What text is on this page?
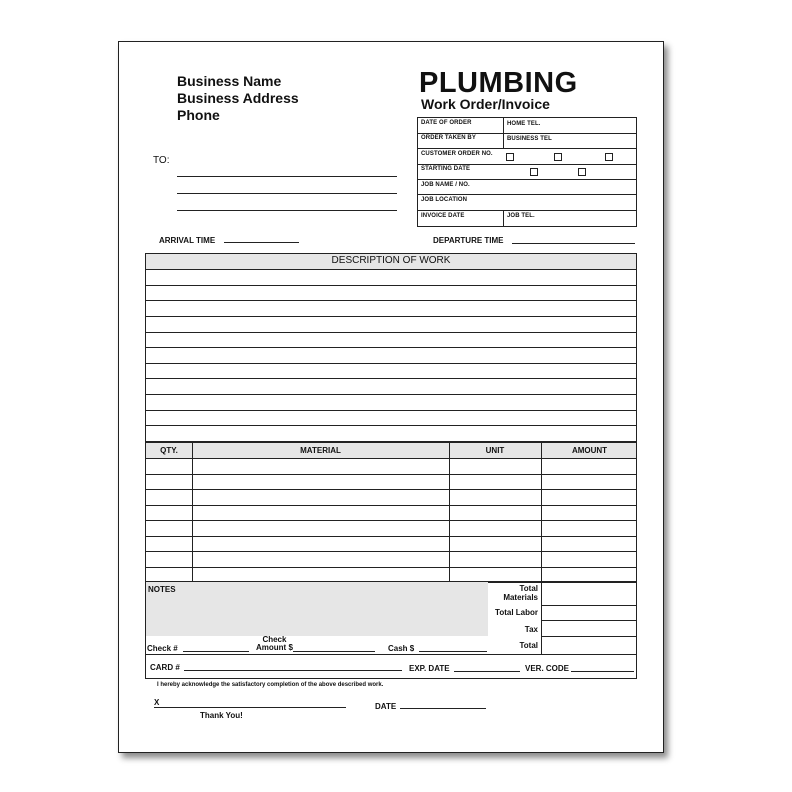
Business Name
Business Address
Phone
TO:
PLUMBING
Work Order/Invoice
DATE OF ORDER	HOME TEL.
ORDER TAKEN BY	BUSINESS TEL
CUSTOMER ORDER NO.
STARTING DATE
JOB NAME / NO.
JOB LOCATION
INVOICE DATE	JOB TEL.
ARRIVAL TIME	DEPARTURE TIME
DESCRIPTION OF WORK
QTY.	MATERIAL	UNIT	AMOUNT
NOTES	Total
Materials
Total Labor
Tax
Total
Check #
Check
Amount $	Cash $
CARD #	EXP. DATE	VER. CODE
I hereby acknowledge the satisfactory completion of the above described work.
X
Thank You!
DATE
